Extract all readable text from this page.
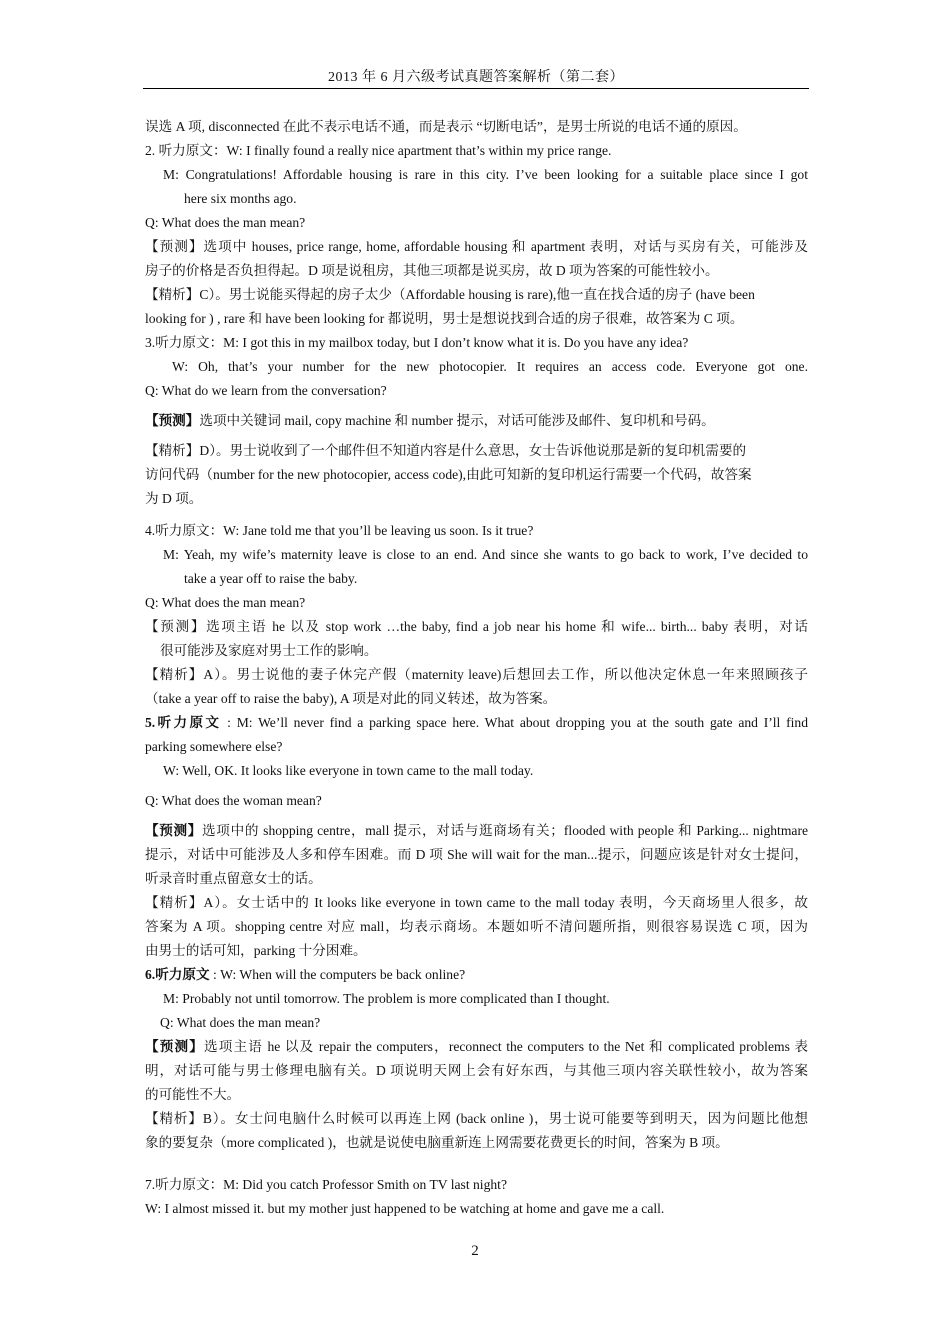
2013 年 6 月六级考试真题答案解析（第二套）
误选 A 项, disconnected 在此不表示电话不通，而是表示 “切断电话”，是男士所说的电话不通的原因。
2. 听力原文：W: I finally found a really nice apartment that’s within my price range.
M: Congratulations! Affordable housing is rare in this city. I’ve been looking for a suitable place since I got
here six months ago.
Q: What does the man mean?
【预测】选项中 houses, price range, home, affordable housing 和 apartment 表明，对话与买房有关，可能涉及
房子的价格是否负担得起。D 项是说租房，其他三项都是说买房，故 D 项为答案的可能性较小。
【精析】C）。男士说能买得起的房子太少（Affordable housing is rare),他一直在找合适的房子 (have been
looking for ) , rare 和 have been looking for 都说明，男士是想说找到合适的房子很难，故答案为 C 项。
3.听力原文：M: I got this in my mailbox today, but I don’t know what it is. Do you have any idea?
W: Oh, that’s your number for the new photocopier. It requires an access code. Everyone got one.
Q: What do we learn from the conversation?
【预测】选项中关键词 mail, copy machine 和 number 提示，对话可能涉及邮件、复印机和号码。
【精析】D）。男士说收到了一个邮件但不知道内容是什么意思，女士告诉他说那是新的复印机需要的
访问代码（number for the new photocopier, access code),由此可知新的复印机运行需要一个代码，故答案
为 D 项。
4.听力原文：W: Jane told me that you’ll be leaving us soon. Is it true?
M: Yeah, my wife’s maternity leave is close to an end. And since she wants to go back to work, I’ve decided to
take a year off to raise the baby.
Q: What does the man mean?
【预测】选项主语 he 以及 stop work …the baby, find a job near his home 和 wife... birth... baby 表明，对话
很可能涉及家庭对男士工作的影响。
【精析】A）。男士说他的妻子休完产假（maternity leave)后想回去工作，所以他决定休息一年来照顾孩子
（take a year off to raise the baby), A 项是对此的同义转述，故为答案。
5.听力原文 : M: We’ll never find a parking space here. What about dropping you at the south gate and I’ll find
parking somewhere else?
W: Well, OK. It looks like everyone in town came to the mall today.
Q: What does the woman mean?
【预测】选项中的 shopping centre，mall 提示，对话与逛商场有关；flooded with people 和 Parking... nightmare
提示，对话中可能涉及人多和停车困难。而 D 项 She will wait for the man...提示，问题应该是针对女士提问，
听录音时重点留意女士的话。
【精析】A）。女士话中的 It looks like everyone in town came to the mall today 表明，今天商场里人很多，故
答案为 A 项。shopping centre 对应 mall，均表示商场。本题如听不清问题所指，则很容易误选 C 项，因为
由男士的话可知，parking 十分困难。
6.听力原文 : W: When will the computers be back online?
M: Probably not until tomorrow. The problem is more complicated than I thought.
Q: What does the man mean?
【预测】选项主语 he 以及 repair the computers，reconnect the computers to the Net 和 complicated problems 表
明，对话可能与男士修理电脑有关。D 项说明天网上会有好东西，与其他三项内容关联性较小，故为答案
的可能性不大。
【精析】B）。女士问电脑什么时候可以再连上网 (back online )，男士说可能要等到明天，因为问题比他想
象的要复杂（more complicated )，也就是说使电脑重新连上网需要花费更长的时间，答案为 B 项。
7.听力原文：M: Did you catch Professor Smith on TV last night?
W: I almost missed it. but my mother just happened to be watching at home and gave me a call.
2
